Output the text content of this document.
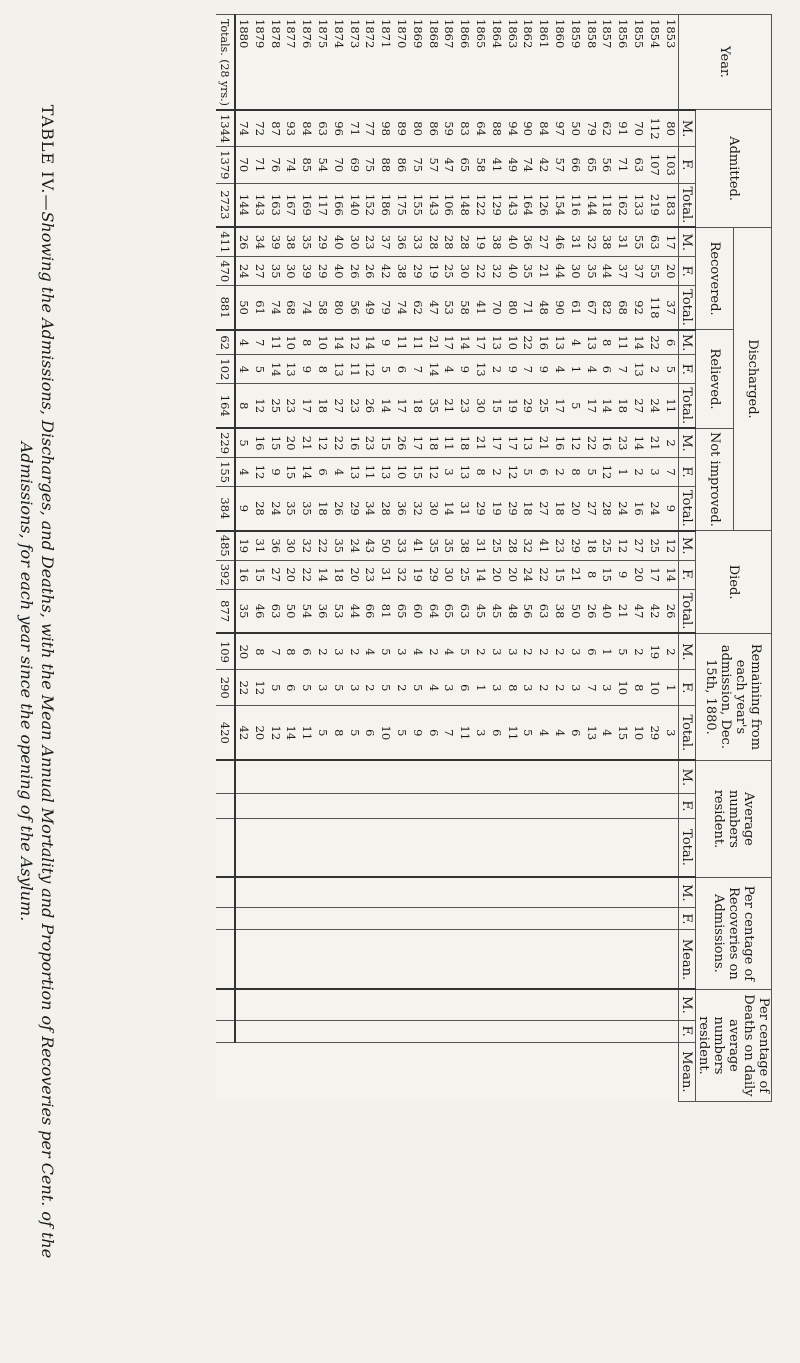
Year.	Admitted.			Discharged.									Died.			Remaining from each year's admission, Dec. 15th, 1880.			Average numbers resident.			Per centage of Recoveries on Admissions.			Per centage of Deaths on daily average numbers resident.		
				Recovered.			Relieved.			Not improved.																
	M.	F.	Total.	M.	F.	Total.	M.	F.	Total.	M.	F.	Total.	M.	F.	Total.	M.	F.	Total.	M.	F.	Total.	M.	F.	Mean.	M.	F.	Mean.
1853	80	103	183	17	20	37	6	5	11	2	7	9	12	14	26	2	1	3									
1854	112	107	219	63	55	118	22	2	24	21	3	24	25	17	42	19	10	29									
1855	70	63	133	55	37	92	14	13	27	14	2	16	27	20	47	2	8	10									
1856	91	71	162	31	37	68	11	7	18	23	1	24	12	9	21	5	10	15									
1857	62	56	118	38	44	82	8	6	14	16	12	28	25	15	40	1	3	4									
1858	79	65	144	32	35	67	13	4	17	22	5	27	18	8	26	6	7	13									
1859	50	66	116	31	30	61	4	1	5	12	8	20	29	21	50	3	3	6									
1860	97	57	154	46	44	90	13	4	17	16	2	18	23	15	38	2	2	4									
1861	84	42	126	27	21	48	16	9	25	21	6	27	41	22	63	2	2	4									
1862	90	74	164	36	35	71	22	7	29	13	5	18	32	24	56	2	3	5									
1863	94	49	143	40	40	80	10	9	19	17	12	29	28	20	48	3	8	11									
1864	88	41	129	38	32	70	13	2	15	17	2	19	25	20	45	3	3	6									
1865	64	58	122	19	22	41	17	13	30	21	8	29	31	14	45	2	1	3									
1866	83	65	148	28	30	58	14	9	23	18	13	31	38	25	63	5	6	11									
1867	59	47	106	28	25	53	17	4	21	11	3	14	35	30	65	4	3	7									
1868	86	57	143	28	19	47	21	14	35	18	12	30	35	29	64	2	4	6									
1869	80	75	155	33	29	62	11	7	18	17	15	32	41	19	60	4	5	9									
1870	89	86	175	36	38	74	11	6	17	26	10	36	33	32	65	3	2	5									
1871	98	88	186	37	42	79	9	5	14	15	13	28	50	31	81	5	5	10									
1872	77	75	152	23	26	49	14	12	26	23	11	34	43	23	66	4	2	6									
1873	71	69	140	30	26	56	12	11	23	16	13	29	24	20	44	2	3	5									
1874	96	70	166	40	40	80	14	13	27	22	4	26	35	18	53	3	5	8									
1875	63	54	117	29	29	58	10	8	18	12	6	18	22	14	36	2	3	5									
1876	84	85	169	35	39	74	8	9	17	21	14	35	32	22	54	6	5	11									
1877	93	74	167	38	30	68	10	13	23	20	15	35	30	20	50	8	6	14									
1878	87	76	163	39	35	74	11	14	25	15	9	24	36	27	63	7	5	12									
1879	72	71	143	34	27	61	7	5	12	16	12	28	31	15	46	8	12	20									
1880	74	70	144	26	24	50	4	4	8	5	4	9	19	16	35	20	22	42									
Totals. (28 yrs.)	1344	1379	2723	411	470	881	62	102	164	229	155	384	485	392	877	109	290	420									
TABLE IV.—Showing the Admissions, Discharges, and Deaths, with the Mean Annual Mortality and Proportion of Recoveries per Cent. of the
Admissions, for each year since the opening of the Asylum.
